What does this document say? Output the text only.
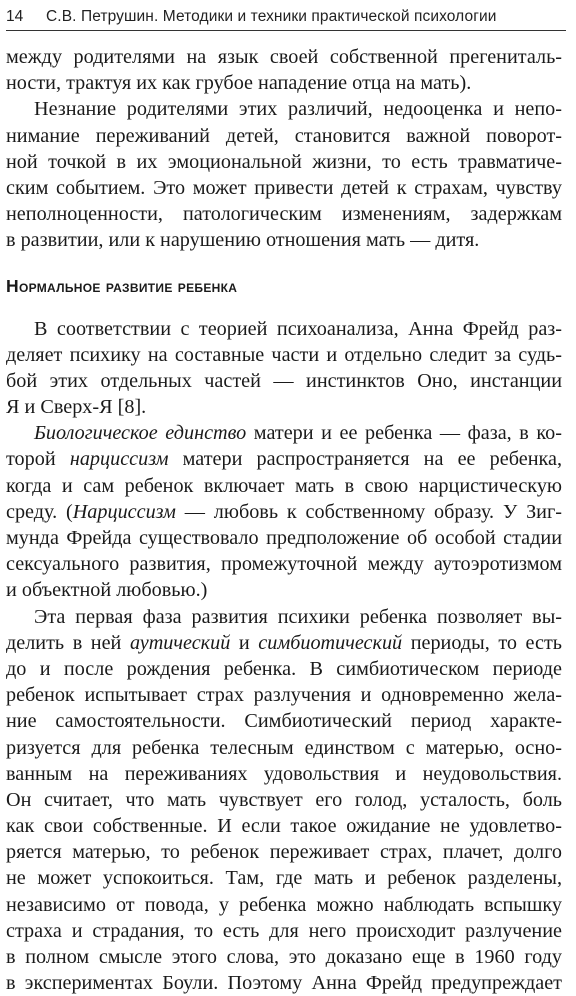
14	С.В. Петрушин. Методики и техники практической психологии
между родителями на язык своей собственной прегениталь-
ности, трактуя их как грубое нападение отца на мать).
Незнание родителями этих различий, недооценка и непо-
нимание переживаний детей, становится важной поворот-
ной точкой в их эмоциональной жизни, то есть травматиче-
ским событием. Это может привести детей к страхам, чувству
неполноценности, патологическим изменениям, задержкам
в развитии, или к нарушению отношения мать — дитя.
Нормальное развитие ребенка
В соответствии с теорией психоанализа, Анна Фрейд раз-
деляет психику на составные части и отдельно следит за судь-
бой этих отдельных частей — инстинктов Оно, инстанции
Я и Сверх-Я [8].
Биологическое единство матери и ее ребенка — фаза, в ко-
торой нарциссизм матери распространяется на ее ребенка,
когда и сам ребенок включает мать в свою нарцистическую
среду. (Нарциссизм — любовь к собственному образу. У Зиг-
мунда Фрейда существовало предположение об особой стадии
сексуального развития, промежуточной между аутоэротизмом
и объектной любовью.)
Эта первая фаза развития психики ребенка позволяет вы-
делить в ней аутический и симбиотический периоды, то есть
до и после рождения ребенка. В симбиотическом периоде
ребенок испытывает страх разлучения и одновременно жела-
ние самостоятельности. Симбиотический период характе-
ризуется для ребенка телесным единством с матерью, осно-
ванным на переживаниях удовольствия и неудовольствия.
Он считает, что мать чувствует его голод, усталость, боль
как свои собственные. И если такое ожидание не удовлетво-
ряется матерью, то ребенок переживает страх, плачет, долго
не может успокоиться. Там, где мать и ребенок разделены,
независимо от повода, у ребенка можно наблюдать вспышку
страха и страдания, то есть для него происходит разлучение
в полном смысле этого слова, это доказано еще в 1960 году
в экспериментах Боули. Поэтому Анна Фрейд предупреждает
